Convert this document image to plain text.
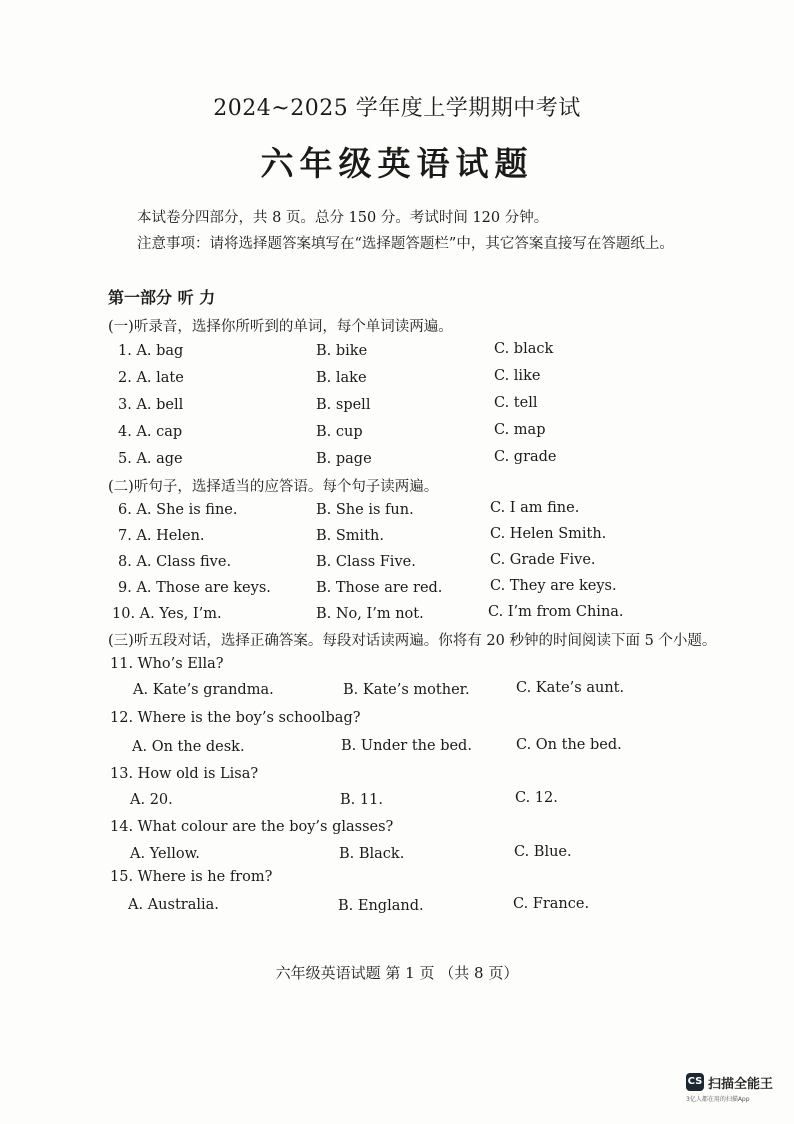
2024~2025 学年度上学期期中考试
六年级英语试题
本试卷分四部分，共 8 页。总分 150 分。考试时间 120 分钟。
注意事项：请将选择题答案填写在“选择题答题栏”中，其它答案直接写在答题纸上。
第一部分 听 力
(一)听录音，选择你所听到的单词，每个单词读两遍。
1. A. bag	B. bike	C. black
2. A. late	B. lake	C. like
3. A. bell	B. spell	C. tell
4. A. cap	B. cup	C. map
5. A. age	B. page	C. grade
(二)听句子，选择适当的应答语。每个句子读两遍。
6. A. She is fine.	B. She is fun.	C. I am fine.
7. A. Helen.	B. Smith.	C. Helen Smith.
8. A. Class five.	B. Class Five.	C. Grade Five.
9. A. Those are keys.	B. Those are red.	C. They are keys.
10. A. Yes, I’m.	B. No, I’m not.	C. I’m from China.
(三)听五段对话，选择正确答案。每段对话读两遍。你将有 20 秒钟的时间阅读下面 5 个小题。
11. Who’s Ella?
A. Kate’s grandma.	B. Kate’s mother.	C. Kate’s aunt.
12. Where is the boy’s schoolbag?
A. On the desk.	B. Under the bed.	C. On the bed.
13. How old is Lisa?
A. 20.	B. 11.	C. 12.
14. What colour are the boy’s glasses?
A. Yellow.	B. Black.	C. Blue.
15. Where is he from?
A. Australia.	B. England.	C. France.
六年级英语试题 第 1 页 （共 8 页）
CS 扫描全能王
3亿人都在用的扫描App
